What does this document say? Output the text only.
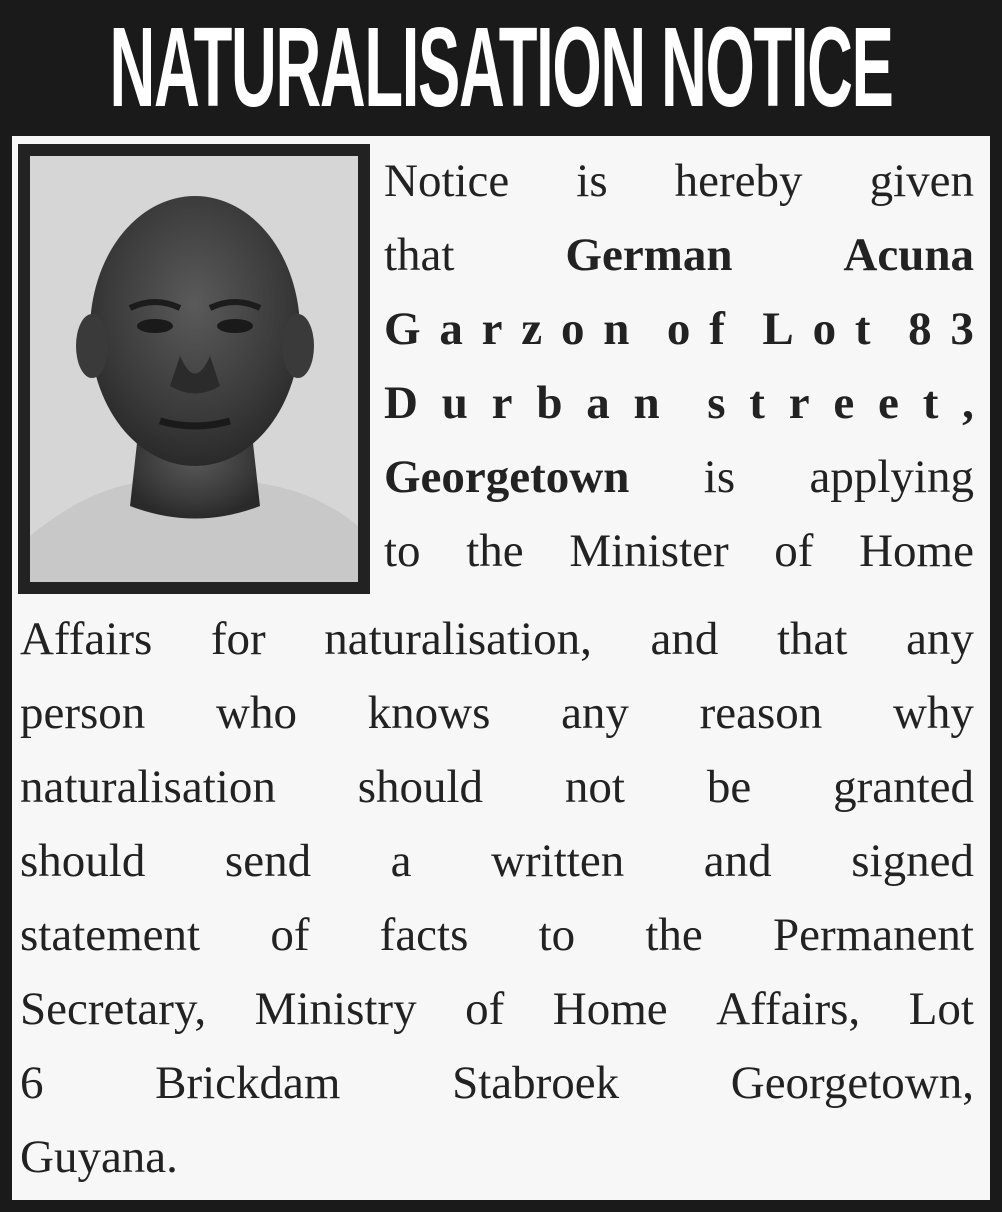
NATURALISATION NOTICE
Notice is hereby given
that German Acuna
G a r z o n o f L o t 8 3
D u r b a n s t r e e t ,
Georgetown is applying
to the Minister of Home
Affairs for naturalisation, and that any
person who knows any reason why
naturalisation should not be granted
should send a written and signed
statement of facts to the Permanent
Secretary, Ministry of Home Affairs, Lot
6 Brickdam Stabroek Georgetown,
Guyana.
